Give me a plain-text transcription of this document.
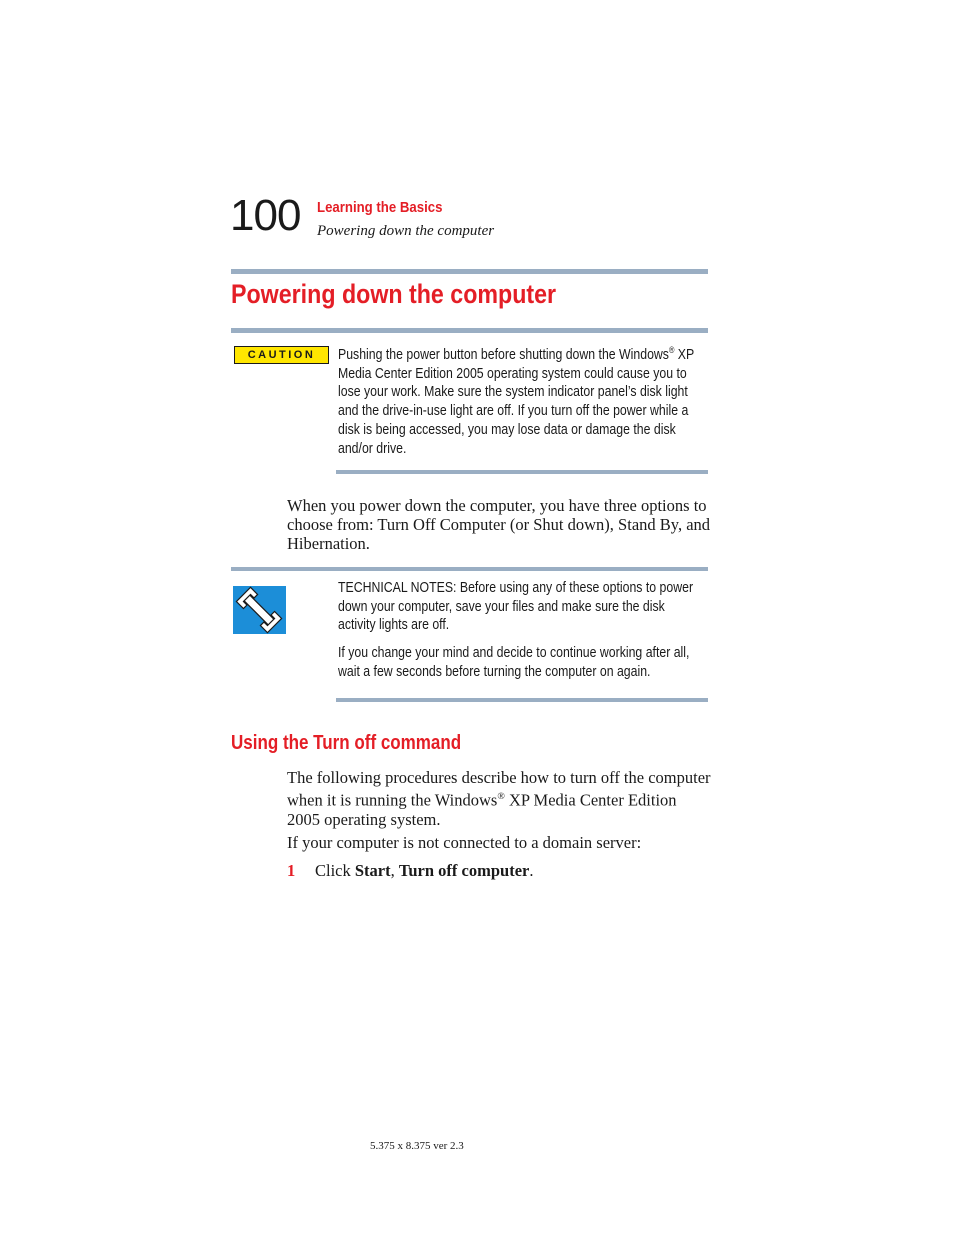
100 Learning the Basics
Powering down the computer
Powering down the computer
CAUTION	Pushing the power button before shutting down the Windows® XP Media Center Edition 2005 operating system could cause you to lose your work. Make sure the system indicator panel’s disk light and the drive-in-use light are off. If you turn off the power while a disk is being accessed, you may lose data or damage the disk and/or drive.
When you power down the computer, you have three options to choose from: Turn Off Computer (or Shut down), Stand By, and Hibernation.
TECHNICAL NOTES: Before using any of these options to power down your computer, save your files and make sure the disk activity lights are off.
If you change your mind and decide to continue working after all, wait a few seconds before turning the computer on again.
Using the Turn off command
The following procedures describe how to turn off the computer when it is running the Windows® XP Media Center Edition 2005 operating system.
If your computer is not connected to a domain server:
1 Click Start, Turn off computer.
5.375 x 8.375 ver 2.3
